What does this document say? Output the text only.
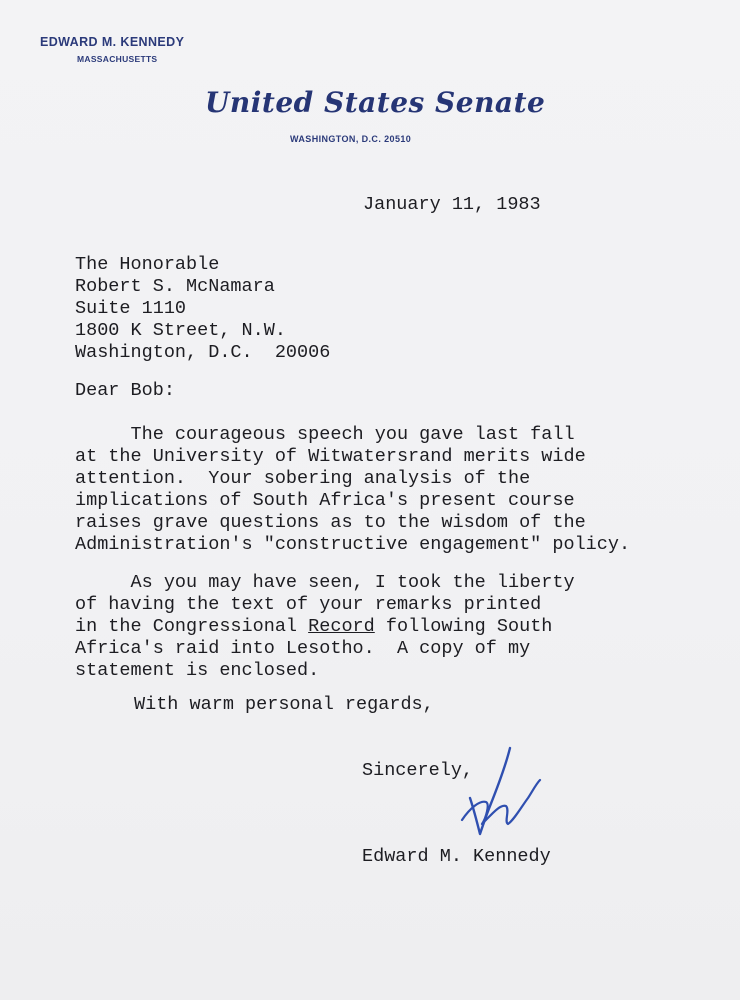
EDWARD M. KENNEDY
MASSACHUSETTS
United States Senate
WASHINGTON, D.C. 20510
January 11, 1983
The Honorable
Robert S. McNamara
Suite 1110
1800 K Street, N.W.
Washington, D.C.  20006
Dear Bob:
The courageous speech you gave last fall
at the University of Witwatersrand merits wide
attention.  Your sobering analysis of the
implications of South Africa's present course
raises grave questions as to the wisdom of the
Administration's "constructive engagement" policy.
As you may have seen, I took the liberty
of having the text of your remarks printed
in the Congressional Record following South
Africa's raid into Lesotho.  A copy of my
statement is enclosed.
With warm personal regards,
Sincerely,
Edward M. Kennedy
